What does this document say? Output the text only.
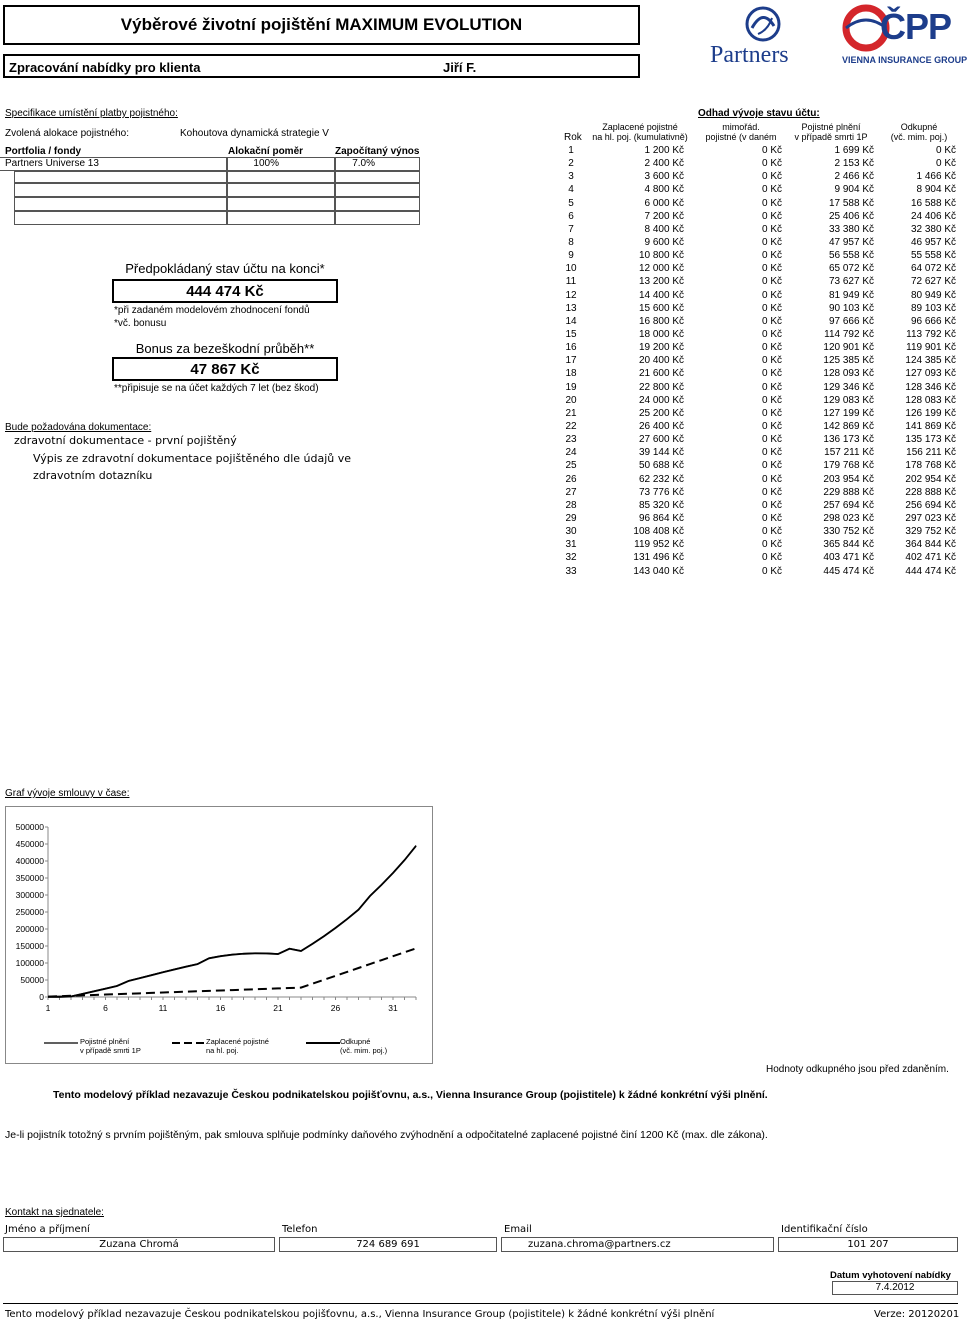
Výběrové životní pojištění MAXIMUM EVOLUTION
Zpracování nabídky pro klienta	Jiří F.	Partners
ČPP
VIENNA INSURANCE GROUP
Specifikace umístění platby pojistného:
Zvolená alokace pojistného:	Kohoutova dynamická strategie V
Portfolia / fondy	Alokační poměr	Započítaný výnos
Partners Universe 13	100%	7.0%
Předpokládaný stav účtu na konci*
444 474 Kč
*při zadaném modelovém zhodnocení fondů
*vč. bonusu
Bonus za bezeškodní průběh**
47 867 Kč
**připisuje se na účet každých 7 let (bez škod)
Bude požadována dokumentace:
zdravotní dokumentace - první pojištěný
Výpis ze zdravotní dokumentace pojištěného dle údajů ve zdravotním dotazníku
Odhad vývoje stavu účtu:
Rok
Zaplacené pojistné
na hl. poj. (kumulativně)
mimořád.
pojistné (v daném
Pojistné plnění
v případě smrti 1P
Odkupné
(vč. mim. poj.)
1	1 200 Kč	0 Kč	1 699 Kč	0 Kč
2	2 400 Kč	0 Kč	2 153 Kč	0 Kč
3	3 600 Kč	0 Kč	2 466 Kč	1 466 Kč
4	4 800 Kč	0 Kč	9 904 Kč	8 904 Kč
5	6 000 Kč	0 Kč	17 588 Kč	16 588 Kč
6	7 200 Kč	0 Kč	25 406 Kč	24 406 Kč
7	8 400 Kč	0 Kč	33 380 Kč	32 380 Kč
8	9 600 Kč	0 Kč	47 957 Kč	46 957 Kč
9	10 800 Kč	0 Kč	56 558 Kč	55 558 Kč
10	12 000 Kč	0 Kč	65 072 Kč	64 072 Kč
11	13 200 Kč	0 Kč	73 627 Kč	72 627 Kč
12	14 400 Kč	0 Kč	81 949 Kč	80 949 Kč
13	15 600 Kč	0 Kč	90 103 Kč	89 103 Kč
14	16 800 Kč	0 Kč	97 666 Kč	96 666 Kč
15	18 000 Kč	0 Kč	114 792 Kč	113 792 Kč
16	19 200 Kč	0 Kč	120 901 Kč	119 901 Kč
17	20 400 Kč	0 Kč	125 385 Kč	124 385 Kč
18	21 600 Kč	0 Kč	128 093 Kč	127 093 Kč
19	22 800 Kč	0 Kč	129 346 Kč	128 346 Kč
20	24 000 Kč	0 Kč	129 083 Kč	128 083 Kč
21	25 200 Kč	0 Kč	127 199 Kč	126 199 Kč
22	26 400 Kč	0 Kč	142 869 Kč	141 869 Kč
23	27 600 Kč	0 Kč	136 173 Kč	135 173 Kč
24	39 144 Kč	0 Kč	157 211 Kč	156 211 Kč
25	50 688 Kč	0 Kč	179 768 Kč	178 768 Kč
26	62 232 Kč	0 Kč	203 954 Kč	202 954 Kč
27	73 776 Kč	0 Kč	229 888 Kč	228 888 Kč
28	85 320 Kč	0 Kč	257 694 Kč	256 694 Kč
29	96 864 Kč	0 Kč	298 023 Kč	297 023 Kč
30	108 408 Kč	0 Kč	330 752 Kč	329 752 Kč
31	119 952 Kč	0 Kč	365 844 Kč	364 844 Kč
32	131 496 Kč	0 Kč	403 471 Kč	402 471 Kč
33	143 040 Kč	0 Kč	445 474 Kč	444 474 Kč
Graf vývoje smlouvy v čase:
0
50000
100000
150000
200000
250000
300000
350000
400000
450000
500000
1	6	11	16	21	26	31
Pojistné plnění
v případě smrti 1P
Zaplacené pojistné
na hl. poj.
Odkupné
(vč. mim. poj.)
Hodnoty odkupného jsou před zdaněním.
Tento modelový příklad nezavazuje Českou podnikatelskou pojišťovnu, a.s., Vienna Insurance Group (pojistitele) k žádné konkrétní výši plnění.
Je-li pojistník totožný s prvním pojištěným, pak smlouva splňuje podmínky daňového zvýhodnění a odpočitatelné zaplacené pojistné činí 1200 Kč (max. dle zákona).
Kontakt na sjednatele:
Jméno a příjmení	Telefon	Email	Identifikační číslo
Zuzana Chromá	724 689 691	zuzana.chroma@partners.cz	101 207
Datum vyhotovení nabídky
7.4.2012
Tento modelový příklad nezavazuje Českou podnikatelskou pojišťovnu, a.s., Vienna Insurance Group (pojistitele) k žádné konkrétní výši plnění	Verze: 20120201
